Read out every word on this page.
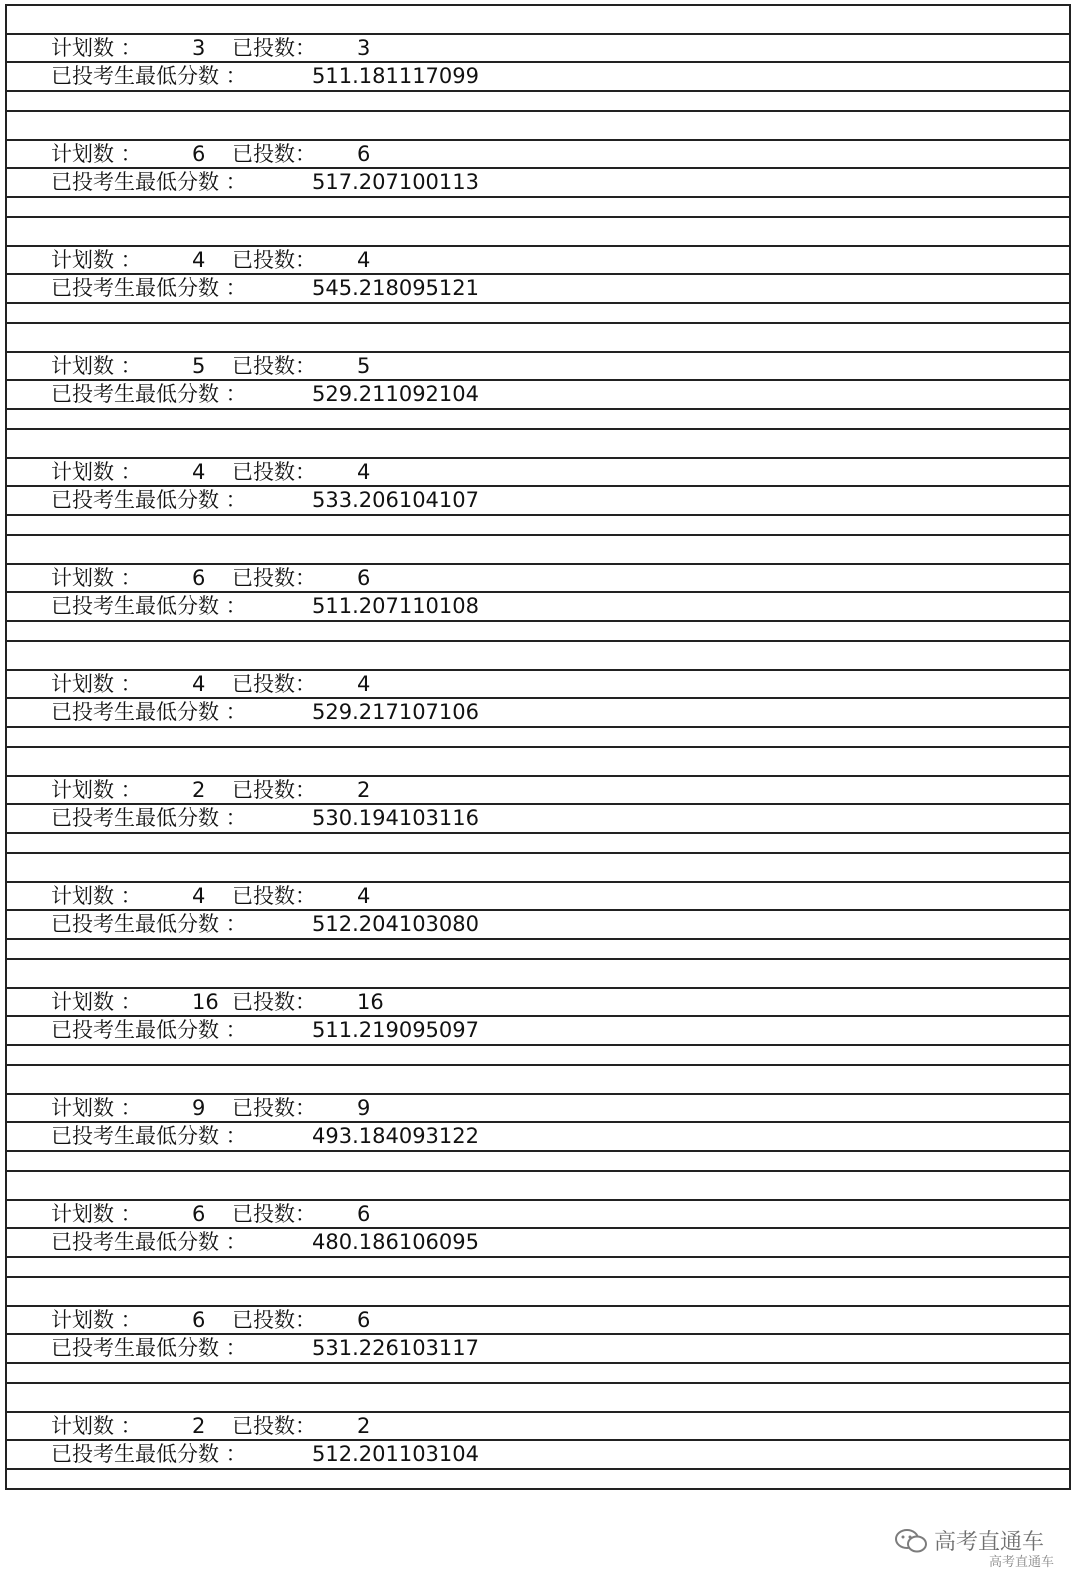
计划数 ：

3

已投数：

3

已投考生最低分数 ：

	511.181117099

计划数 ：

6

已投数：

6

已投考生最低分数 ：

	517.207100113

计划数 ：

4

已投数：

4

已投考生最低分数 ：

	545.218095121

计划数 ：

5

已投数：

5

已投考生最低分数 ：

	529.211092104

计划数 ：

4

已投数：

4

已投考生最低分数 ：

	533.206104107

计划数 ：

6

已投数：

6

已投考生最低分数 ：

	511.207110108

计划数 ：

4

已投数：

4

已投考生最低分数 ：

	529.217107106

计划数 ：

2

已投数：

2

已投考生最低分数 ：

	530.194103116

计划数 ：

4

已投数：

4

已投考生最低分数 ：

	512.204103080

计划数 ：

16

已投数：

16

已投考生最低分数 ：

	511.219095097

计划数 ：

9

已投数：

9

已投考生最低分数 ：

	493.184093122

计划数 ：

6

已投数：

6

已投考生最低分数 ：

	480.186106095

计划数 ：

6

已投数：

6

已投考生最低分数 ：

	531.226103117

计划数 ：

2

已投数：

2

已投考生最低分数 ：

	512.201103104

高考直通车
高考直通车
